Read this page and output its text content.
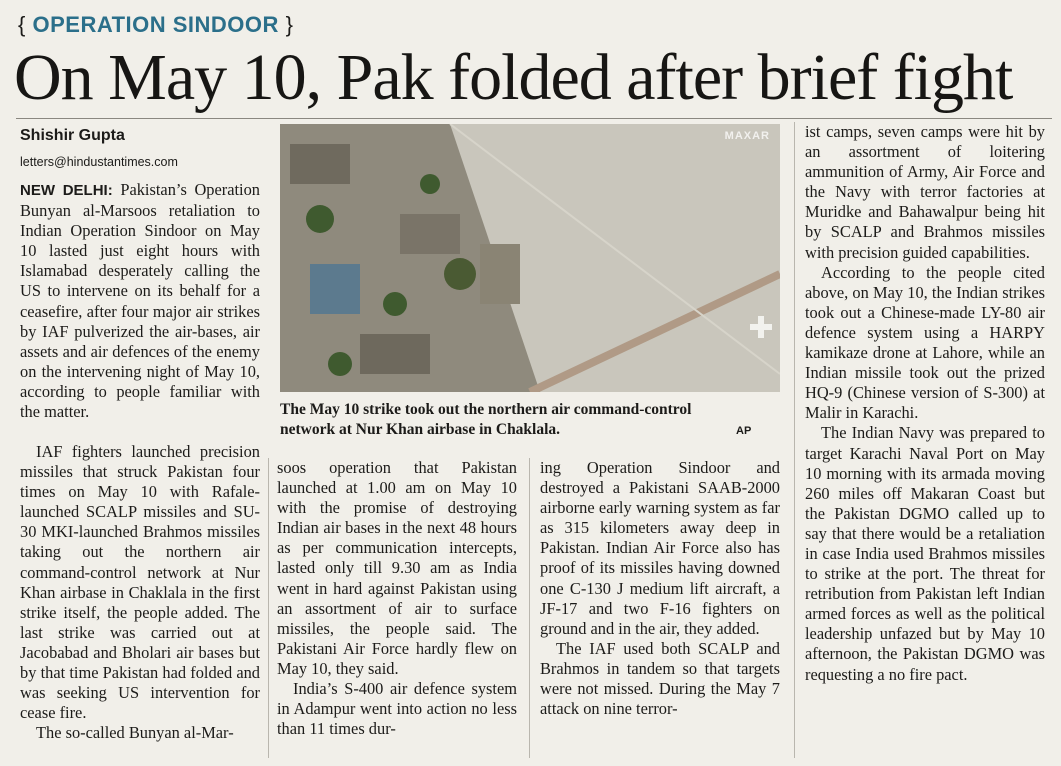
{ OPERATION SINDOOR }
On May 10, Pak folded after brief fight
Shishir Gupta
letters@hindustantimes.com

NEW DELHI: Pakistan’s Operation Bunyan al-Marsoos retaliation to Indian Operation Sindoor on May 10 lasted just eight hours with Islamabad desperately calling the US to intervene on its behalf for a ceasefire, after four major air strikes by IAF pulverized the air-bases, air assets and air defences of the enemy on the intervening night of May 10, according to people familiar with the matter.

IAF fighters launched precision missiles that struck Pakistan four times on May 10 with Rafale-launched SCALP missiles and SU-30 MKI-launched Brahmos missiles taking out the northern air command-control network at Nur Khan airbase in Chaklala in the first strike itself, the people added. The last strike was carried out at Jacobabad and Bholari air bases but by that time Pakistan had folded and was seeking US intervention for cease fire.

The so-called Bunyan al-Mar-

MAXAR
The May 10 strike took out the northern air command-control network at Nur Khan airbase in Chaklala.	AP

soos operation that Pakistan launched at 1.00 am on May 10 with the promise of destroying Indian air bases in the next 48 hours as per communication intercepts, lasted only till 9.30 am as India went in hard against Pakistan using an assortment of air to surface missiles, the people said. The Pakistani Air Force hardly flew on May 10, they said.

India’s S-400 air defence system in Adampur went into action no less than 11 times dur-

ing Operation Sindoor and destroyed a Pakistani SAAB-2000 airborne early warning system as far as 315 kilometers away deep in Pakistan. Indian Air Force also has proof of its missiles having downed one C-130 J medium lift aircraft, a JF-17 and two F-16 fighters on ground and in the air, they added.

The IAF used both SCALP and Brahmos in tandem so that targets were not missed. During the May 7 attack on nine terror-

ist camps, seven camps were hit by an assortment of loitering ammunition of Army, Air Force and the Navy with terror factories at Muridke and Bahawalpur being hit by SCALP and Brahmos missiles with precision guided capabilities.

According to the people cited above, on May 10, the Indian strikes took out a Chinese-made LY-80 air defence system using a HARPY kamikaze drone at Lahore, while an Indian missile took out the prized HQ-9 (Chinese version of S-300) at Malir in Karachi.

The Indian Navy was prepared to target Karachi Naval Port on May 10 morning with its armada moving 260 miles off Makaran Coast but the Pakistan DGMO called up to say that there would be a retaliation in case India used Brahmos missiles to strike at the port. The threat for retribution from Pakistan left Indian armed forces as well as the political leadership unfazed but by May 10 afternoon, the Pakistan DGMO was requesting a no fire pact.
